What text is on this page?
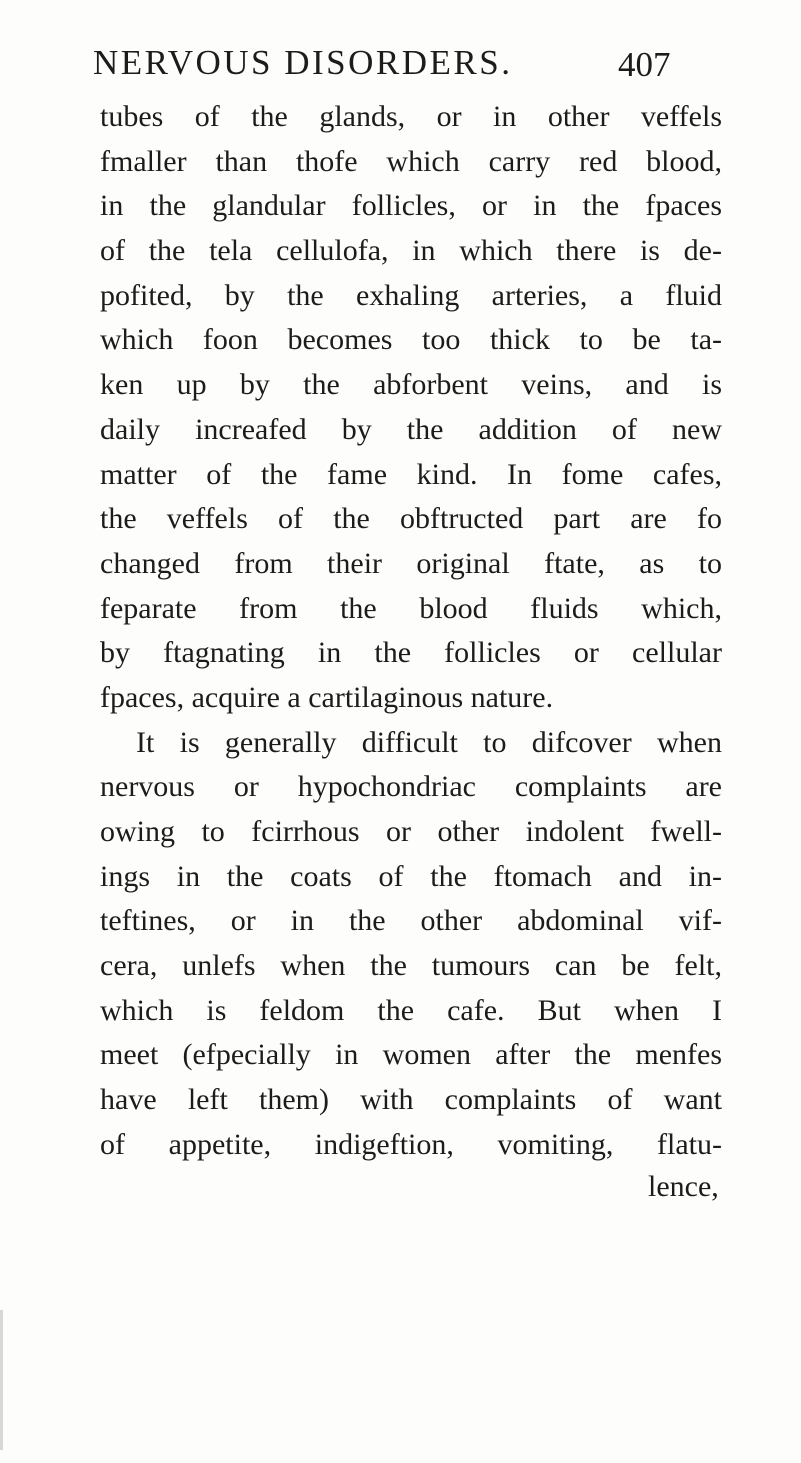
NERVOUS DISORDERS.	407
tubes of the glands, or in other veffels
fmaller than thofe which carry red blood,
in the glandular follicles, or in the fpaces
of the tela cellulofa, in which there is de-
pofited, by the exhaling arteries, a fluid
which foon becomes too thick to be ta-
ken up by the abforbent veins, and is
daily increafed by the addition of new
matter of the fame kind. In fome cafes,
the veffels of the obftructed part are fo
changed from their original ftate, as to
feparate from the blood fluids which,
by ftagnating in the follicles or cellular
fpaces, acquire a cartilaginous nature.
It is generally difficult to difcover when
nervous or hypochondriac complaints are
owing to fcirrhous or other indolent fwell-
ings in the coats of the ftomach and in-
teftines, or in the other abdominal vif-
cera, unlefs when the tumours can be felt,
which is feldom the cafe. But when I
meet (efpecially in women after the menfes
have left them) with complaints of want
of appetite, indigeftion, vomiting, flatu-
lence,
